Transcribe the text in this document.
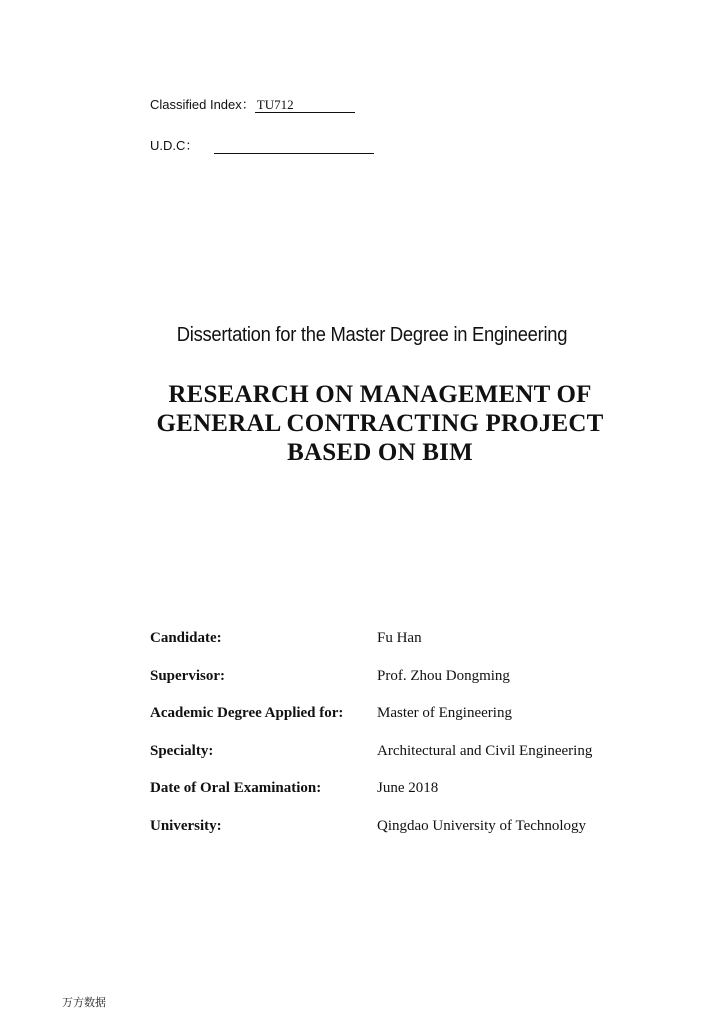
Classified Index： TU712
U.D.C：
Dissertation for the Master Degree in Engineering
RESEARCH ON MANAGEMENT OF
GENERAL CONTRACTING PROJECT
BASED ON BIM
Candidate:	Fu Han
Supervisor:	Prof. Zhou Dongming
Academic Degree Applied for: Master of Engineering
Specialty:	Architectural and Civil Engineering
Date of Oral Examination:	June 2018
University:	Qingdao University of Technology
万方数据
